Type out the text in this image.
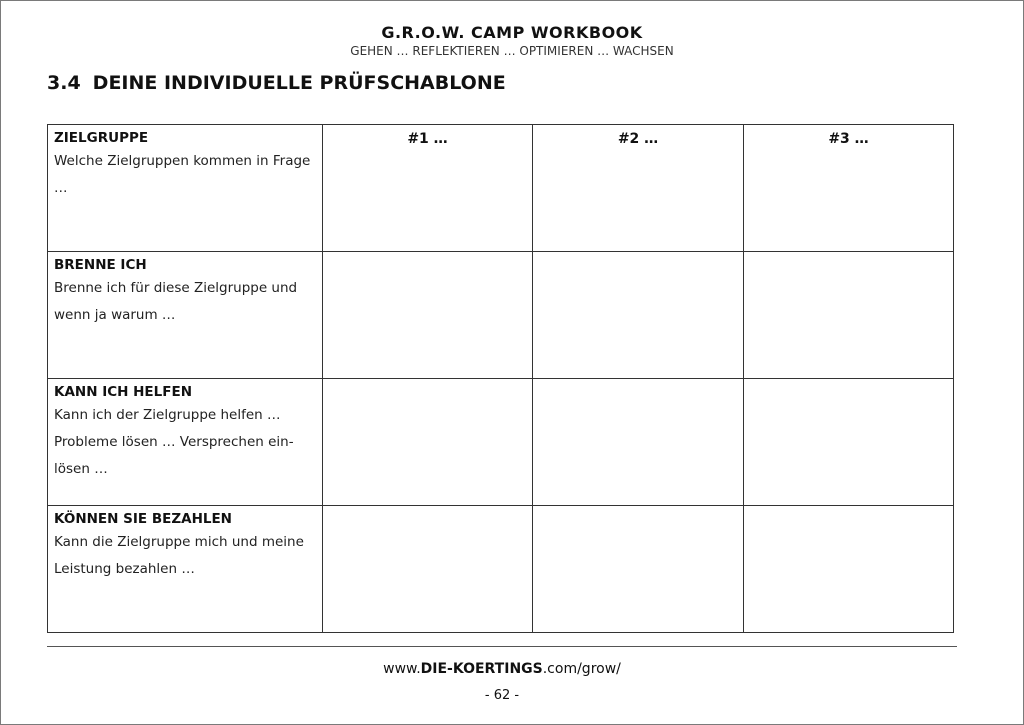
G.R.O.W. CAMP WORKBOOK
GEHEN … REFLEKTIEREN … OPTIMIEREN … WACHSEN
3.4 DEINE INDIVIDUELLE PRÜFSCHABLONE
ZIELGRUPPE
Welche Zielgruppen kommen in Frage …	#1 …	#2 …	#3 …

BRENNE ICH
Brenne ich für diese Zielgruppe und wenn ja warum …			

KANN ICH HELFEN
Kann ich der Zielgruppe helfen … Probleme lösen … Versprechen ein-lösen …			

KÖNNEN SIE BEZAHLEN
Kann die Zielgruppe mich und meine Leistung bezahlen …			

www.DIE-KOERTINGS.com/grow/
- 62 -
